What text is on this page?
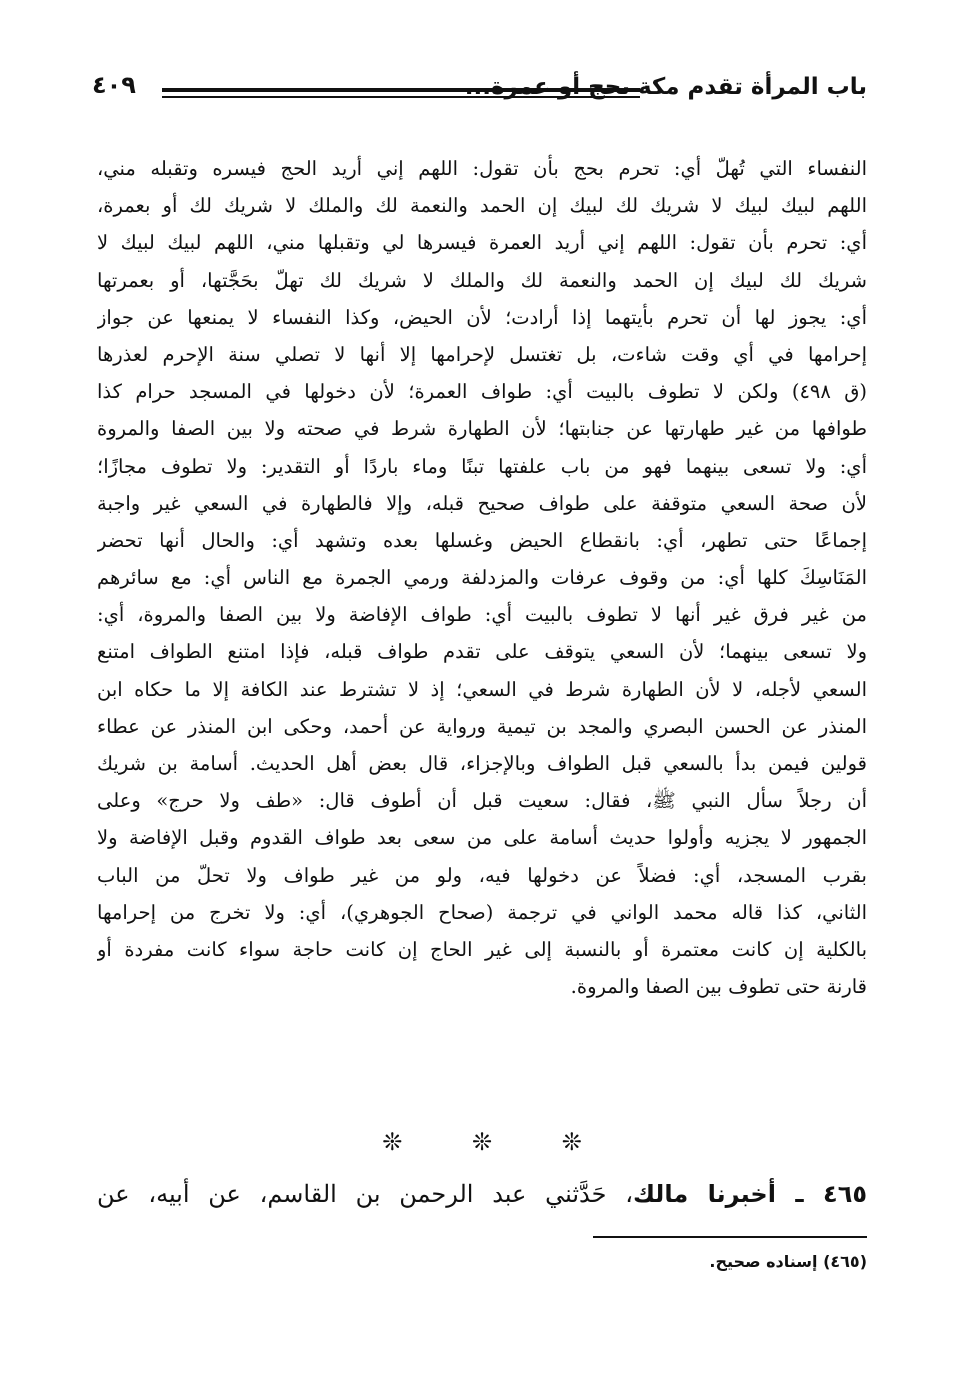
٤٠٩	باب المرأة تقدم مكة بحج أو عمرة...
النفساء التي تُهلّ أي: تحرم بحج بأن تقول: اللهم إني أريد الحج فيسره وتقبله مني،
اللهم لبيك لبيك لا شريك لك لبيك إن الحمد والنعمة لك والملك لا شريك لك أو بعمرة،
أي: تحرم بأن تقول: اللهم إني أريد العمرة فيسرها لي وتقبلها مني، اللهم لبيك لبيك لا
شريك لك لبيك إن الحمد والنعمة لك والملك لا شريك لك تهلّ بحَجَّتها، أو بعمرتها
أي: يجوز لها أن تحرم بأيتهما إذا أرادت؛ لأن الحيض، وكذا النفساء لا يمنعها عن جواز
إحرامها في أي وقت شاءت، بل تغتسل لإحرامها إلا أنها لا تصلي سنة الإحرم لعذرها
(ق ٤٩٨) ولكن لا تطوف بالبيت أي: طواف العمرة؛ لأن دخولها في المسجد حرام كذا
طوافها من غير طهارتها عن جنابتها؛ لأن الطهارة شرط في صحته ولا بين الصفا والمروة
أي: ولا تسعى بينهما فهو من باب علفتها تبنًا وماء باردًا أو التقدير: ولا تطوف مجازًا؛
لأن صحة السعي متوقفة على طواف صحيح قبله، وإلا فالطهارة في السعي غير واجبة
إجماعًا حتى تطهر، أي: بانقطاع الحيض وغسلها بعده وتشهد أي: والحال أنها تحضر
المَنَاسِكَ كلها أي: من وقوف عرفات والمزدلفة ورمي الجمرة مع الناس أي: مع سائرهم
من غير فرق غير أنها لا تطوف بالبيت أي: طواف الإفاضة ولا بين الصفا والمروة، أي:
ولا تسعى بينهما؛ لأن السعي يتوقف على تقدم طواف قبله، فإذا امتنع الطواف امتنع
السعي لأجله، لا لأن الطهارة شرط في السعي؛ إذ لا تشترط عند الكافة إلا ما حكاه ابن
المنذر عن الحسن البصري والمجد بن تيمية ورواية عن أحمد، وحكى ابن المنذر عن عطاء
قولين فيمن بدأ بالسعي قبل الطواف وبالإجزاء، قال بعض أهل الحديث. أسامة بن شريك
أن رجلاً سأل النبي ﷺ، فقال: سعيت قبل أن أطوف قال: «طف ولا حرج» وعلى
الجمهور لا يجزيه وأولوا حديث أسامة على من سعى بعد طواف القدوم وقبل الإفاضة ولا
بقرب المسجد، أي: فضلاً عن دخولها فيه، ولو من غير طواف ولا تحلّ من الباب
الثاني، كذا قاله محمد الواني في ترجمة (صحاح الجوهري)، أي: ولا تخرج من إحرامها
بالكلية إن كانت معتمرة أو بالنسبة إلى غير الحاج إن كانت حاجة سواء كانت مفردة أو
قارنة حتى تطوف بين الصفا والمروة.
❊	❊	❊
٤٦٥ ـ أخبرنا مالك، حَدَّثني عبد الرحمن بن القاسم، عن أبيه، عن
(٤٦٥) إسناده صحيح.
